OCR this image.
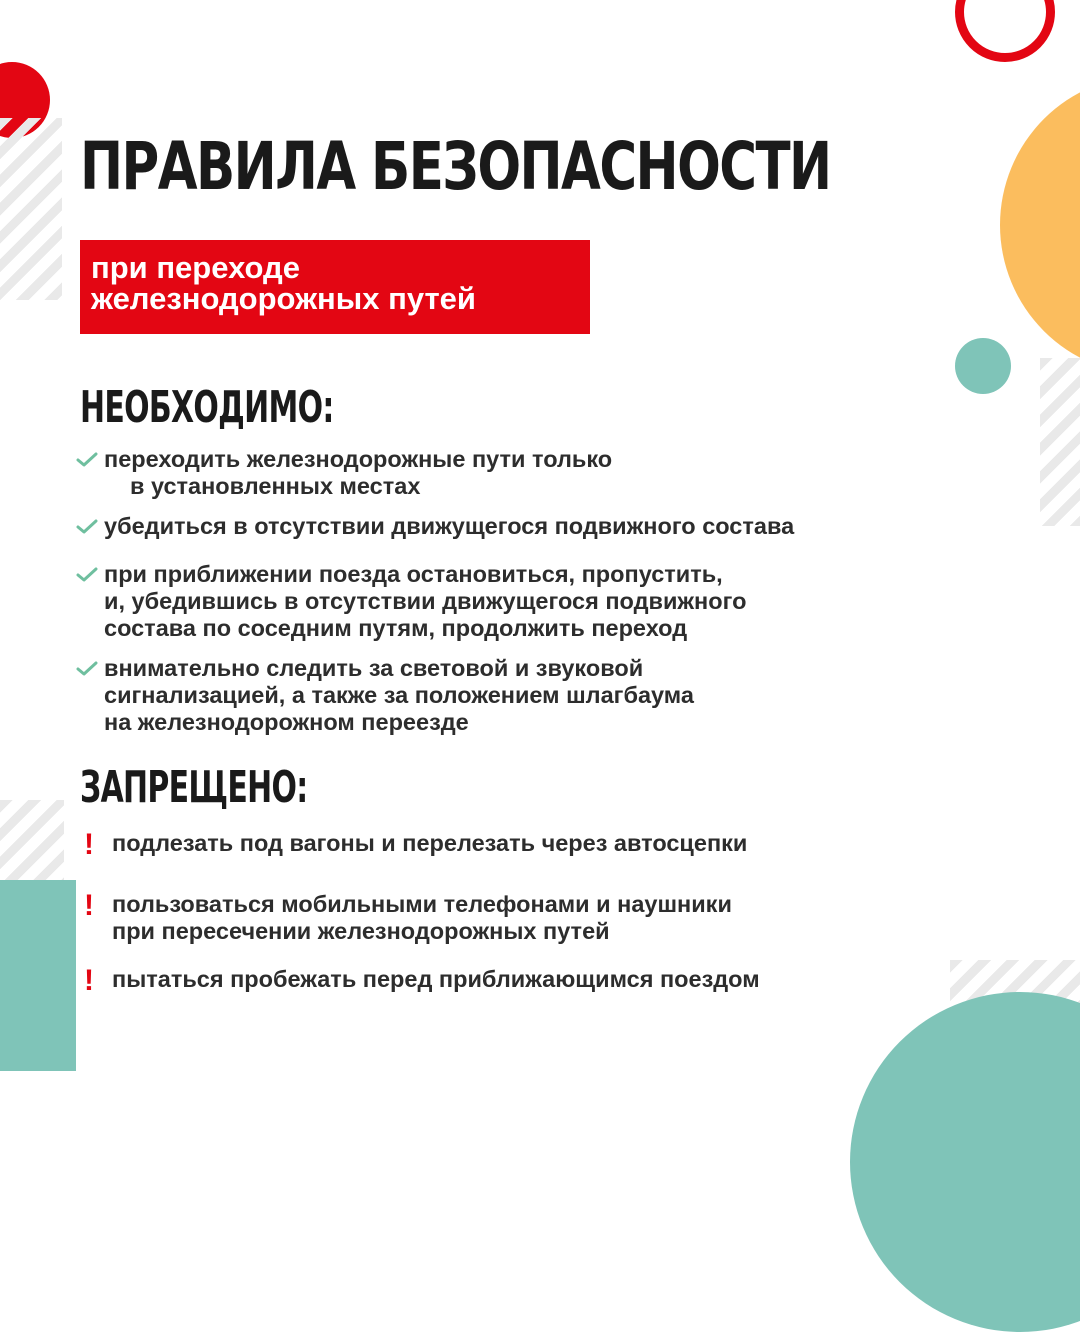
ПРАВИЛА БЕЗОПАСНОСТИ
при переходе
железнодорожных путей
НЕОБХОДИМО:
переходить железнодорожные пути только
в установленных местах
убедиться в отсутствии движущегося подвижного состава
при приближении поезда остановиться, пропустить,
и, убедившись в отсутствии движущегося подвижного
состава по соседним путям, продолжить переход
внимательно следить за световой и звуковой
сигнализацией, а также за положением шлагбаума
на железнодорожном переезде
ЗАПРЕЩЕНО:
! подлезать под вагоны и перелезать через автосцепки
! пользоваться мобильными телефонами и наушники
при пересечении железнодорожных путей
! пытаться пробежать перед приближающимся поездом
